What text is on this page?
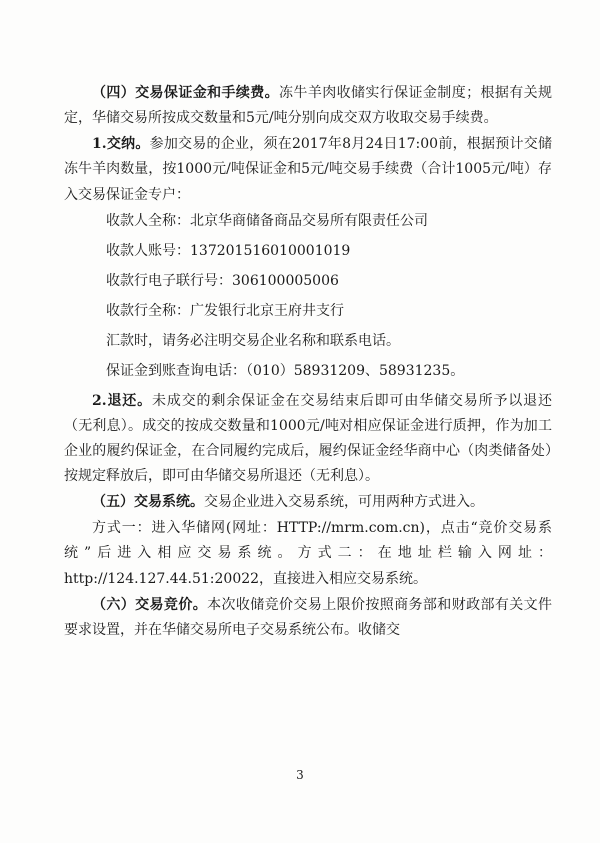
（四）交易保证金和手续费。冻牛羊肉收储实行保证金制度；根据有关规定，华储交易所按成交数量和5元/吨分别向成交双方收取交易手续费。

1.交纳。参加交易的企业，须在2017年8月24日17:00前，根据预计交储冻牛羊肉数量，按1000元/吨保证金和5元/吨交易手续费（合计1005元/吨）存入交易保证金专户：

收款人全称：北京华商储备商品交易所有限责任公司
收款人账号：13720151601000101​9
收款行电子联行号：306100005006
收款行全称：广发银行北京王府井支行
汇款时，请务必注明交易企业名称和联系电话。
保证金到账查询电话：（010）58931209、58931235。

2.退还。未成交的剩余保证金在交易结束后即可由华储交易所予以退还（无利息）。成交的按成交数量和1000元/吨对相应保证金进行质押，作为加工企业的履约保证金，在合同履约完成后，履约保证金经华商中心（肉类储备处）按规定释放后，即可由华储交易所退还（无利息）。

（五）交易系统。交易企业进入交易系统，可用两种方式进入。

方式一：进入华储网(网址：HTTP://mrm.com.cn)，点击“竞价交易系统”后进入相应交易系统。方式二：在地址栏输入网址：http://124.127.44.51:20022，直接进入相应交易系统。

（六）交易竞价。本次收储竞价交易上限价按照商务部和财政部有关文件要求设置，并在华储交易所电子交易系统公布。收储交

3
